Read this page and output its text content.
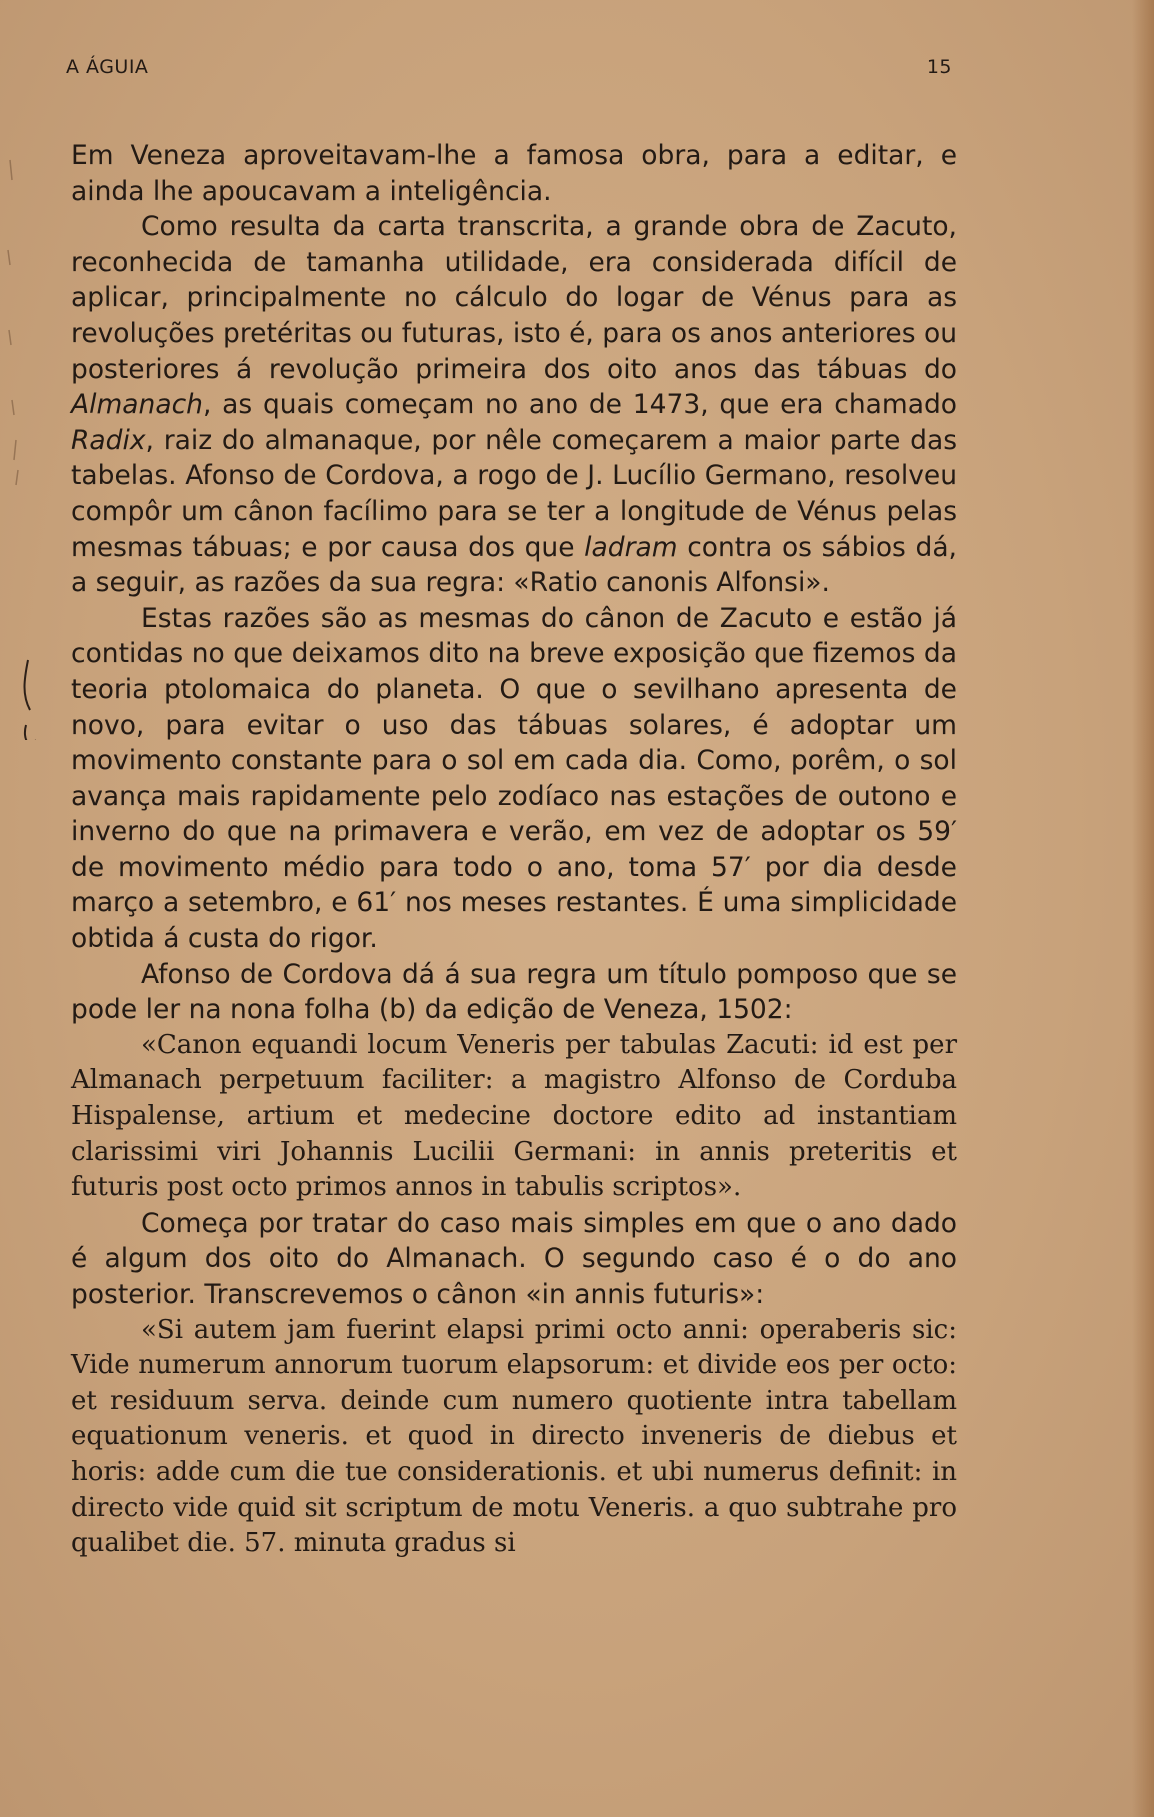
A ÁGUIA	15

Em Veneza aproveitavam-lhe a famosa obra, para a editar, e ainda lhe apoucavam a inteligência.

Como resulta da carta transcrita, a grande obra de Zacuto, reconhecida de tamanha utilidade, era considerada difícil de aplicar, principalmente no cálculo do logar de Vénus para as revoluções pretéritas ou futuras, isto é, para os anos anteriores ou posteriores á revolução primeira dos oito anos das tábuas do Almanach, as quais começam no ano de 1473, que era chamado Radix, raiz do almanaque, por nêle começarem a maior parte das tabelas. Afonso de Cordova, a rogo de J. Lucílio Germano, resolveu compôr um cânon facílimo para se ter a longitude de Vénus pelas mesmas tábuas; e por causa dos que ladram contra os sábios dá, a seguir, as razões da sua regra: «Ratio canonis Alfonsi».

Estas razões são as mesmas do cânon de Zacuto e estão já contidas no que deixamos dito na breve exposição que fizemos da teoria ptolomaica do planeta. O que o sevilhano apresenta de novo, para evitar o uso das tábuas solares, é adoptar um movimento constante para o sol em cada dia. Como, porêm, o sol avança mais rapidamente pelo zodíaco nas estações de outono e inverno do que na primavera e verão, em vez de adoptar os 59′ de movimento médio para todo o ano, toma 57′ por dia desde março a setembro, e 61′ nos meses restantes. É uma simplicidade obtida á custa do rigor.

Afonso de Cordova dá á sua regra um título pomposo que se pode ler na nona folha (b) da edição de Veneza, 1502:

«Canon equandi locum Veneris per tabulas Zacuti: id est per Almanach perpetuum faciliter: a magistro Alfonso de Corduba Hispalense, artium et medecine doctore edito ad instantiam clarissimi viri Johannis Lucilii Germani: in annis preteritis et futuris post octo primos annos in tabulis scriptos».

Começa por tratar do caso mais simples em que o ano dado é algum dos oito do Almanach. O segundo caso é o do ano posterior. Transcrevemos o cânon «in annis futuris»:

«Si autem jam fuerint elapsi primi octo anni: operaberis sic: Vide numerum annorum tuorum elapsorum: et divide eos per octo: et residuum serva. deinde cum numero quotiente intra tabellam equationum veneris. et quod in directo inveneris de diebus et horis: adde cum die tue considerationis. et ubi numerus definit: in directo vide quid sit scriptum de motu Veneris. a quo subtrahe pro qualibet die. 57. minuta gradus si
